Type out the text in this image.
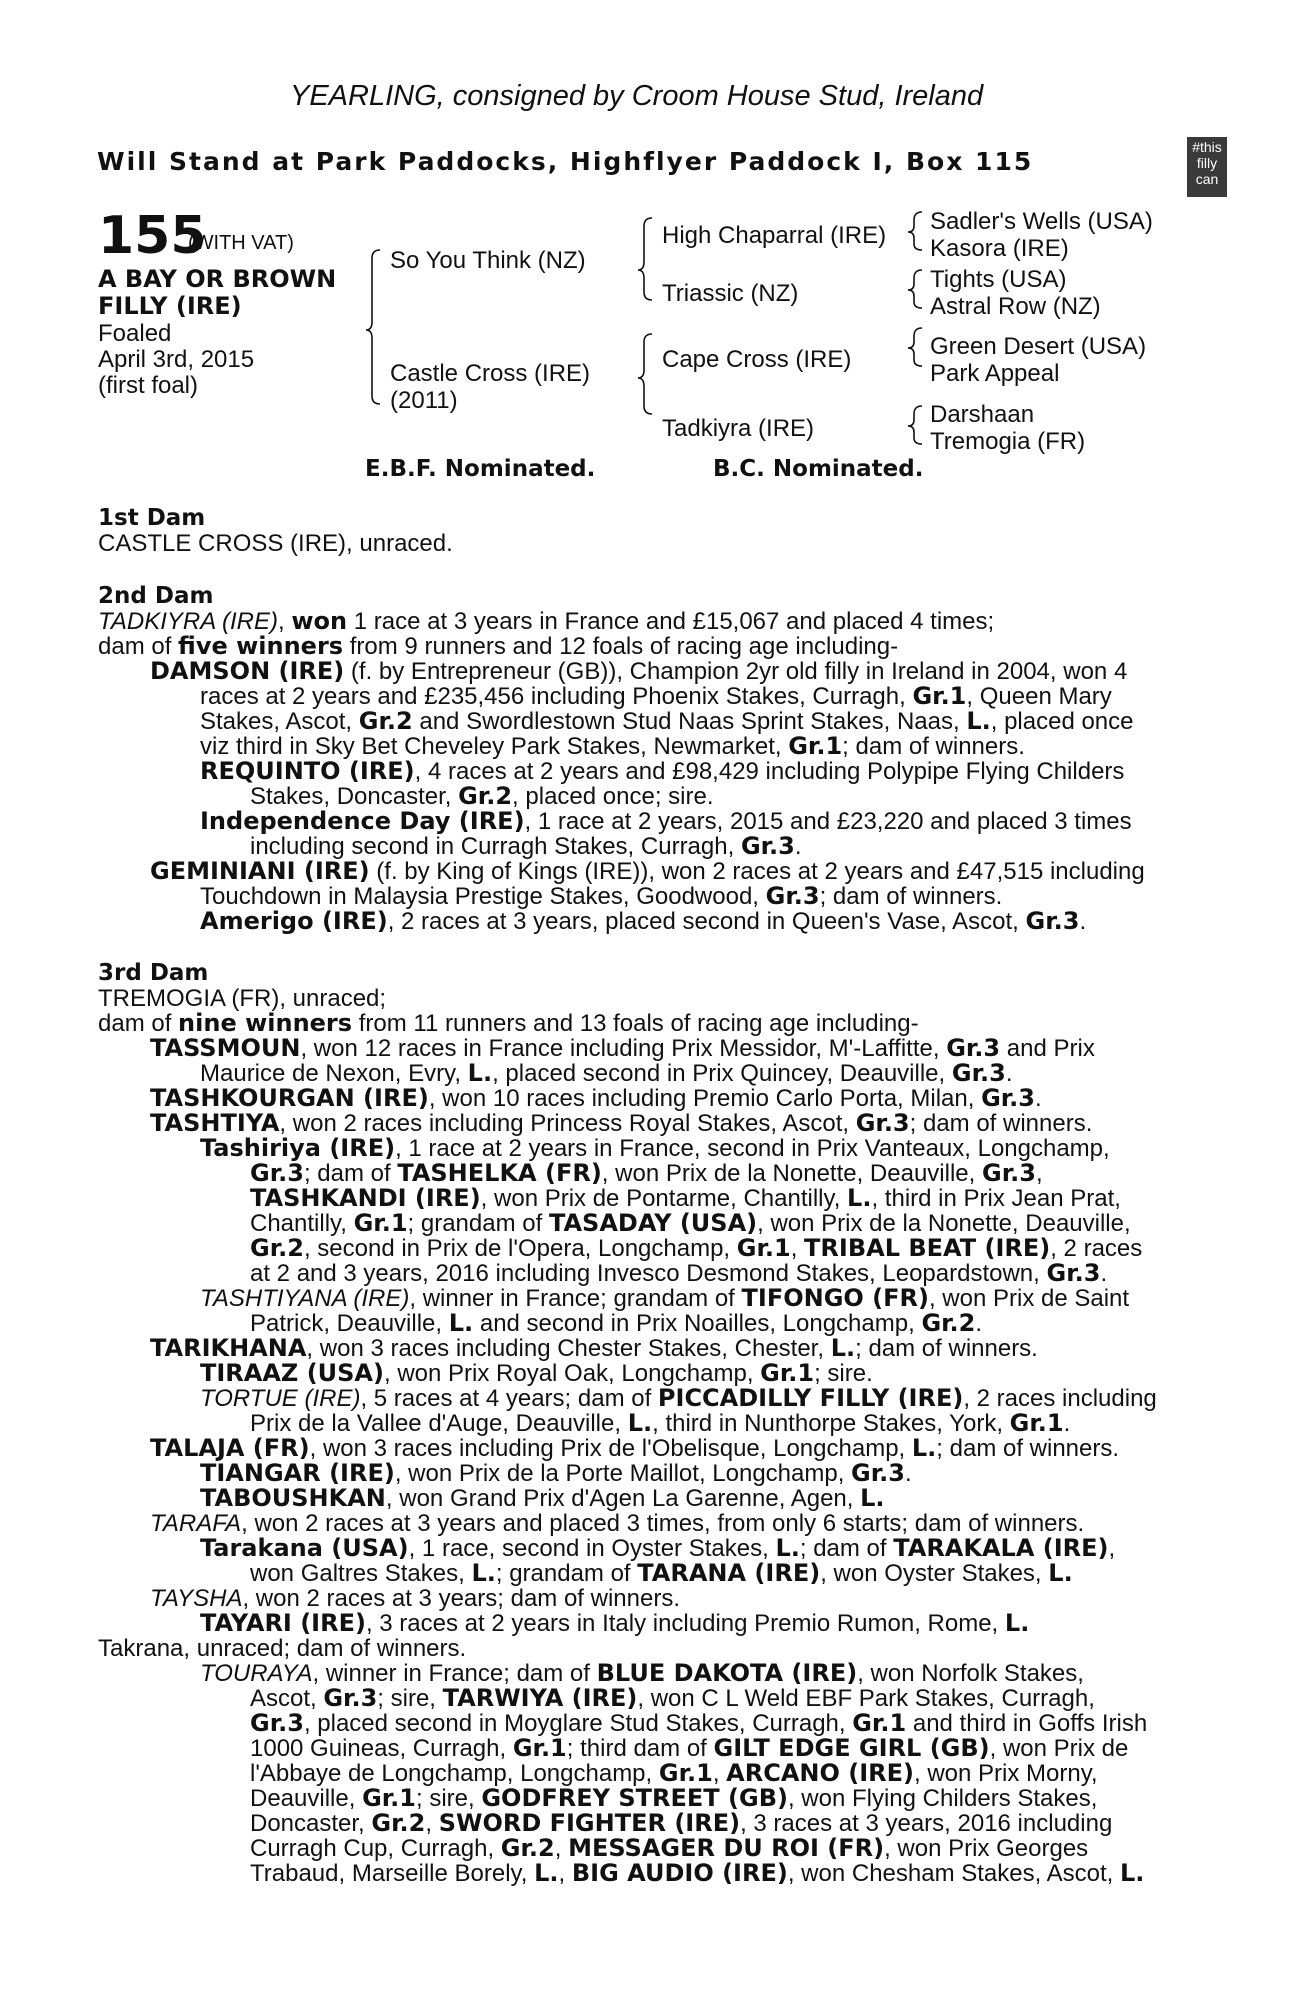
YEARLING, consigned by Croom House Stud, Ireland
Will Stand at Park Paddocks, Highflyer Paddock I, Box 115	#this
filly
can
155
(WITH VAT)
A BAY OR BROWN
FILLY (IRE)
Foaled
April 3rd, 2015
(first foal)
So You Think (NZ)
Castle Cross (IRE)
(2011)
High Chaparral (IRE)
Triassic (NZ)
Cape Cross (IRE)
Tadkiyra (IRE)
Sadler's Wells (USA)
Kasora (IRE)
Tights (USA)
Astral Row (NZ)
Green Desert (USA)
Park Appeal
Darshaan
Tremogia (FR)
E.B.F. Nominated.	B.C. Nominated.
1st Dam
CASTLE CROSS (IRE), unraced.
2nd Dam
TADKIYRA (IRE), won 1 race at 3 years in France and £15,067 and placed 4 times;
dam of five winners from 9 runners and 12 foals of racing age including-
DAMSON (IRE) (f. by Entrepreneur (GB)), Champion 2yr old filly in Ireland in 2004, won 4
races at 2 years and £235,456 including Phoenix Stakes, Curragh, Gr.1, Queen Mary
Stakes, Ascot, Gr.2 and Swordlestown Stud Naas Sprint Stakes, Naas, L., placed once
viz third in Sky Bet Cheveley Park Stakes, Newmarket, Gr.1; dam of winners.
REQUINTO (IRE), 4 races at 2 years and £98,429 including Polypipe Flying Childers
Stakes, Doncaster, Gr.2, placed once; sire.
Independence Day (IRE), 1 race at 2 years, 2015 and £23,220 and placed 3 times
including second in Curragh Stakes, Curragh, Gr.3.
GEMINIANI (IRE) (f. by King of Kings (IRE)), won 2 races at 2 years and £47,515 including
Touchdown in Malaysia Prestige Stakes, Goodwood, Gr.3; dam of winners.
Amerigo (IRE), 2 races at 3 years, placed second in Queen's Vase, Ascot, Gr.3.
3rd Dam
TREMOGIA (FR), unraced;
dam of nine winners from 11 runners and 13 foals of racing age including-
TASSMOUN, won 12 races in France including Prix Messidor, M'-Laffitte, Gr.3 and Prix
Maurice de Nexon, Evry, L., placed second in Prix Quincey, Deauville, Gr.3.
TASHKOURGAN (IRE), won 10 races including Premio Carlo Porta, Milan, Gr.3.
TASHTIYA, won 2 races including Princess Royal Stakes, Ascot, Gr.3; dam of winners.
Tashiriya (IRE), 1 race at 2 years in France, second in Prix Vanteaux, Longchamp,
Gr.3; dam of TASHELKA (FR), won Prix de la Nonette, Deauville, Gr.3,
TASHKANDI (IRE), won Prix de Pontarme, Chantilly, L., third in Prix Jean Prat,
Chantilly, Gr.1; grandam of TASADAY (USA), won Prix de la Nonette, Deauville,
Gr.2, second in Prix de l'Opera, Longchamp, Gr.1, TRIBAL BEAT (IRE), 2 races
at 2 and 3 years, 2016 including Invesco Desmond Stakes, Leopardstown, Gr.3.
TASHTIYANA (IRE), winner in France; grandam of TIFONGO (FR), won Prix de Saint
Patrick, Deauville, L. and second in Prix Noailles, Longchamp, Gr.2.
TARIKHANA, won 3 races including Chester Stakes, Chester, L.; dam of winners.
TIRAAZ (USA), won Prix Royal Oak, Longchamp, Gr.1; sire.
TORTUE (IRE), 5 races at 4 years; dam of PICCADILLY FILLY (IRE), 2 races including
Prix de la Vallee d'Auge, Deauville, L., third in Nunthorpe Stakes, York, Gr.1.
TALAJA (FR), won 3 races including Prix de l'Obelisque, Longchamp, L.; dam of winners.
TIANGAR (IRE), won Prix de la Porte Maillot, Longchamp, Gr.3.
TABOUSHKAN, won Grand Prix d'Agen La Garenne, Agen, L.
TARAFA, won 2 races at 3 years and placed 3 times, from only 6 starts; dam of winners.
Tarakana (USA), 1 race, second in Oyster Stakes, L.; dam of TARAKALA (IRE),
won Galtres Stakes, L.; grandam of TARANA (IRE), won Oyster Stakes, L.
TAYSHA, won 2 races at 3 years; dam of winners.
TAYARI (IRE), 3 races at 2 years in Italy including Premio Rumon, Rome, L.
Takrana, unraced; dam of winners.
TOURAYA, winner in France; dam of BLUE DAKOTA (IRE), won Norfolk Stakes,
Ascot, Gr.3; sire, TARWIYA (IRE), won C L Weld EBF Park Stakes, Curragh,
Gr.3, placed second in Moyglare Stud Stakes, Curragh, Gr.1 and third in Goffs Irish
1000 Guineas, Curragh, Gr.1; third dam of GILT EDGE GIRL (GB), won Prix de
l'Abbaye de Longchamp, Longchamp, Gr.1, ARCANO (IRE), won Prix Morny,
Deauville, Gr.1; sire, GODFREY STREET (GB), won Flying Childers Stakes,
Doncaster, Gr.2, SWORD FIGHTER (IRE), 3 races at 3 years, 2016 including
Curragh Cup, Curragh, Gr.2, MESSAGER DU ROI (FR), won Prix Georges
Trabaud, Marseille Borely, L., BIG AUDIO (IRE), won Chesham Stakes, Ascot, L.
